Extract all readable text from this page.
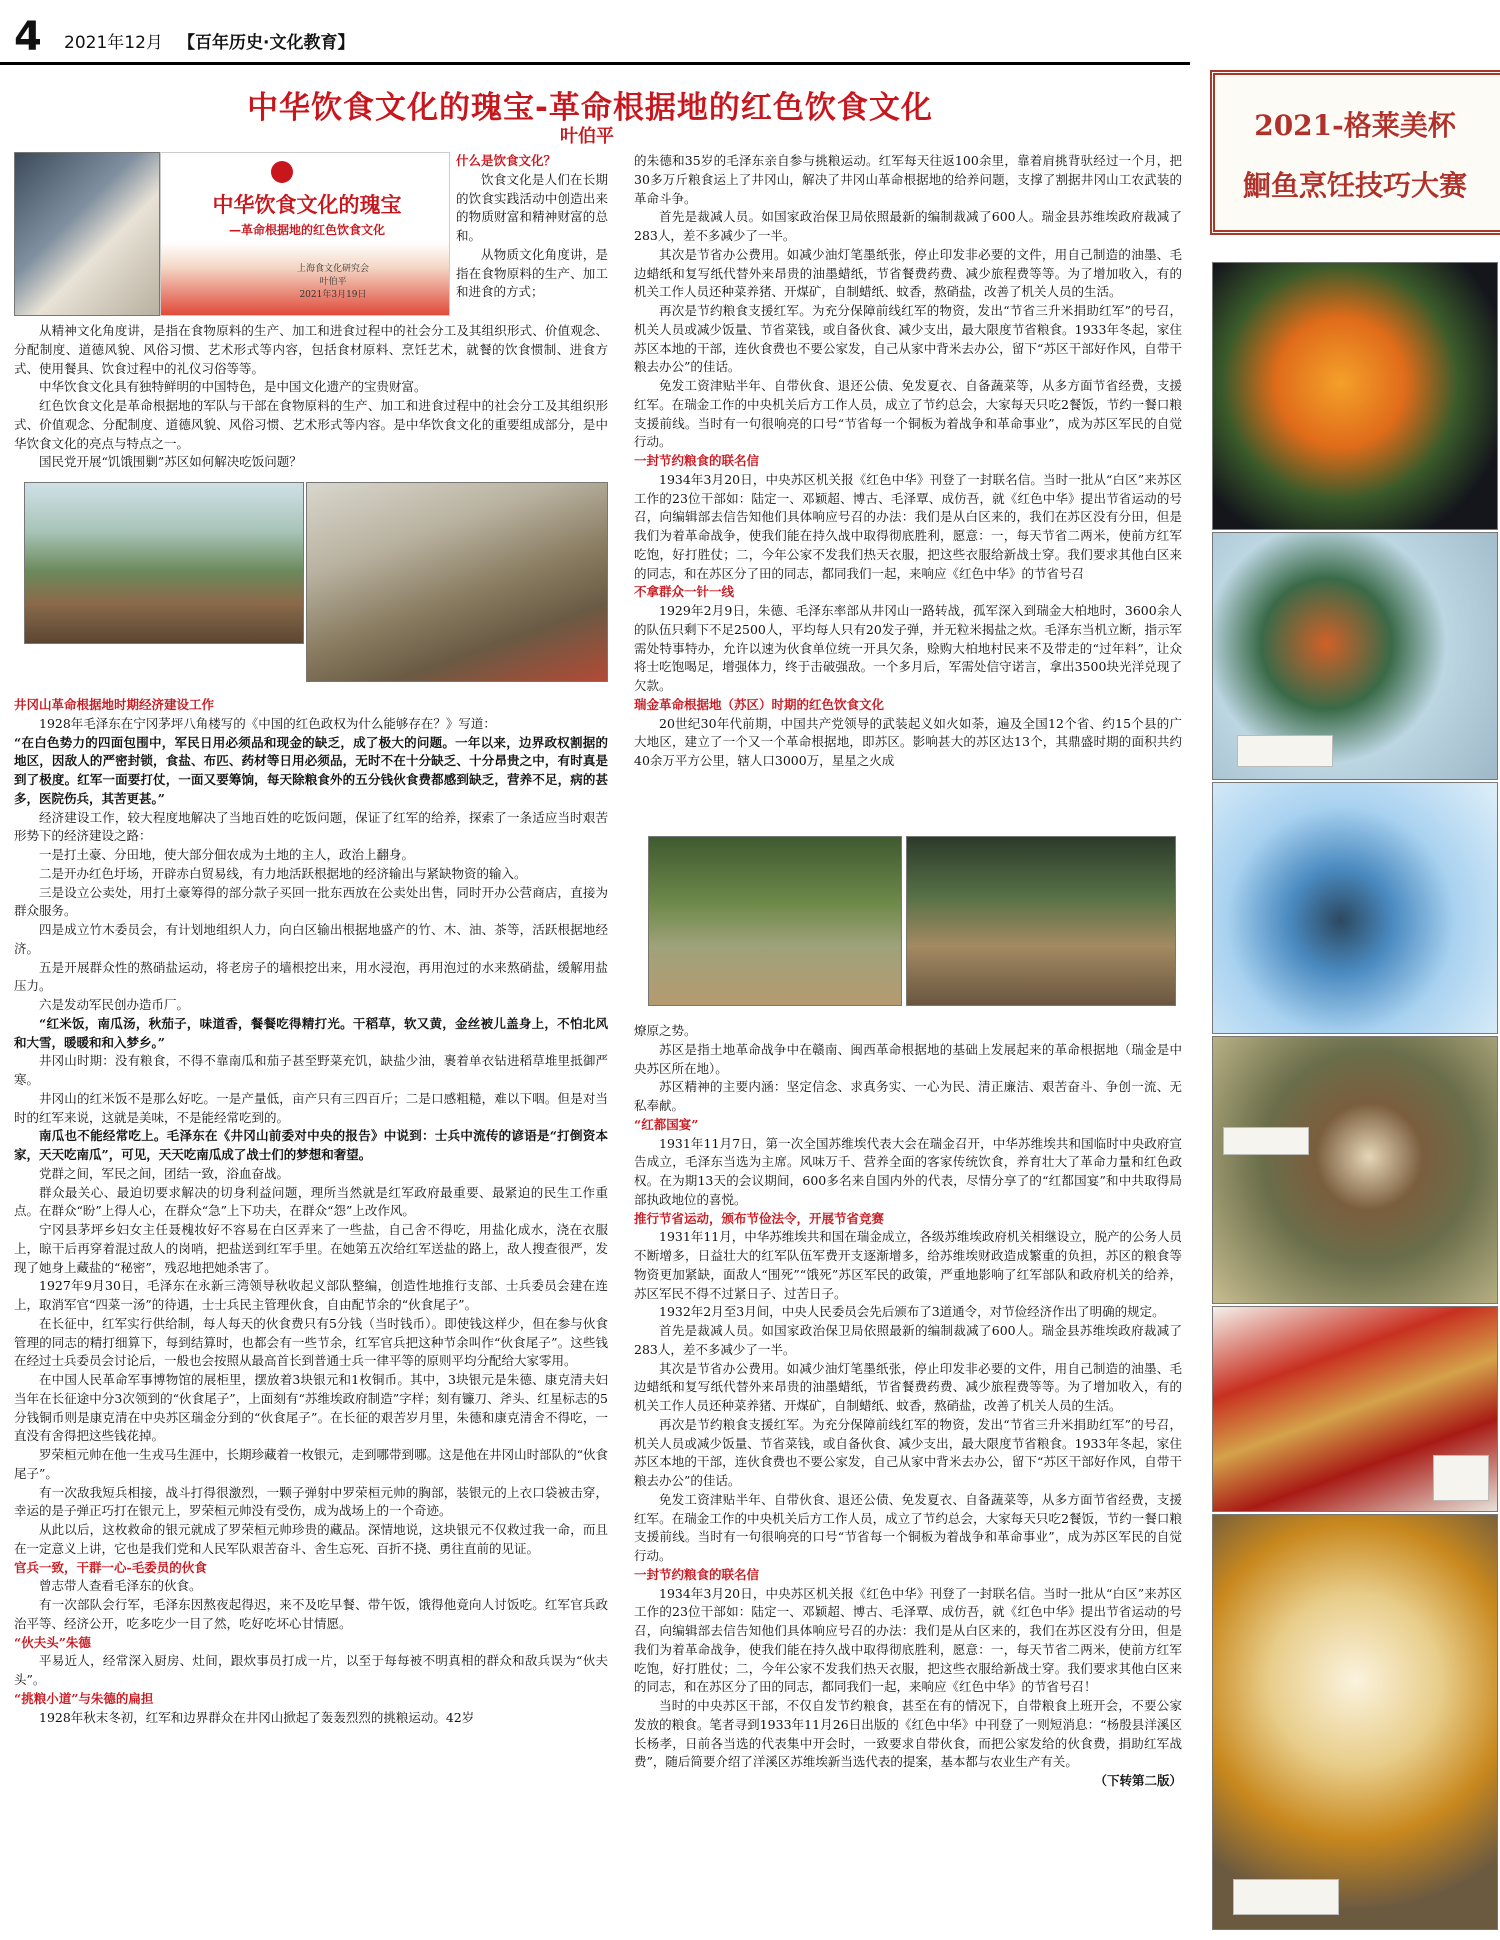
4 2021年12月 【百年历史·文化教育】
中华饮食文化的瑰宝-革命根据地的红色饮食文化
叶伯平
中华饮食文化的瑰宝
—革命根据地的红色饮食文化
上海食文化研究会
叶伯平
2021年3月19日

什么是饮食文化？

饮食文化是人们在长期的饮食实践活动中创造出来的物质财富和精神财富的总和。

从物质文化角度讲，是指在食物原料的生产、加工和进食的方式；

从精神文化角度讲，是指在食物原料的生产、加工和进食过程中的社会分工及其组织形式、价值观念、分配制度、道德风貌、风俗习惯、艺术形式等内容，包括食材原料、烹饪艺术，就餐的饮食惯制、进食方式、使用餐具、饮食过程中的礼仪习俗等等。

中华饮食文化具有独特鲜明的中国特色，是中国文化遗产的宝贵财富。

红色饮食文化是革命根据地的军队与干部在食物原料的生产、加工和进食过程中的社会分工及其组织形式、价值观念、分配制度、道德风貌、风俗习惯、艺术形式等内容。是中华饮食文化的重要组成部分，是中华饮食文化的亮点与特点之一。

国民党开展“饥饿围剿”苏区如何解决吃饭问题？

井冈山革命根据地时期经济建设工作

1928年毛泽东在宁冈茅坪八角楼写的《中国的红色政权为什么能够存在？》写道：

“在白色势力的四面包围中，军民日用必须品和现金的缺乏，成了极大的问题。一年以来，边界政权割据的地区，因敌人的严密封锁，食盐、布匹、药材等日用必须品，无时不在十分缺乏、十分昂贵之中，有时真是到了极度。红军一面要打仗，一面又要筹饷，每天除粮食外的五分钱伙食费都感到缺乏，营养不足，病的甚多，医院伤兵，其苦更甚。”

经济建设工作，较大程度地解决了当地百姓的吃饭问题，保证了红军的给养，探索了一条适应当时艰苦形势下的经济建设之路：

一是打土豪、分田地，使大部分佃农成为土地的主人，政治上翻身。

二是开办红色圩场，开辟赤白贸易线，有力地活跃根据地的经济输出与紧缺物资的输入。

三是设立公卖处，用打土豪筹得的部分款子买回一批东西放在公卖处出售，同时开办公营商店，直接为群众服务。

四是成立竹木委员会，有计划地组织人力，向白区输出根据地盛产的竹、木、油、茶等，活跃根据地经济。

五是开展群众性的熬硝盐运动，将老房子的墙根挖出来，用水浸泡，再用泡过的水来熬硝盐，缓解用盐压力。

六是发动军民创办造币厂。

“红米饭，南瓜汤，秋茄子，味道香，餐餐吃得精打光。干稻草，软又黄，金丝被儿盖身上，不怕北风和大雪，暖暖和和入梦乡。”

井冈山时期：没有粮食，不得不靠南瓜和茄子甚至野菜充饥，缺盐少油，裹着单衣钻进稻草堆里抵御严寒。

井冈山的红米饭不是那么好吃。一是产量低，亩产只有三四百斤；二是口感粗糙，难以下咽。但是对当时的红军来说，这就是美味，不是能经常吃到的。

南瓜也不能经常吃上。毛泽东在《井冈山前委对中央的报告》中说到：士兵中流传的谚语是“打倒资本家，天天吃南瓜”，可见，天天吃南瓜成了战士们的梦想和奢望。

党群之间，军民之间，团结一致，浴血奋战。

群众最关心、最迫切要求解决的切身利益问题，理所当然就是红军政府最重要、最紧迫的民生工作重点。在群众“盼”上得人心，在群众“急”上下功夫，在群众“怨”上改作风。

宁冈县茅坪乡妇女主任聂槐妆好不容易在白区弄来了一些盐，自己舍不得吃，用盐化成水，浇在衣服上，晾干后再穿着混过敌人的岗哨，把盐送到红军手里。在她第五次给红军送盐的路上，敌人搜查很严，发现了她身上藏盐的“秘密”，残忍地把她杀害了。

1927年9月30日，毛泽东在永新三湾领导秋收起义部队整编，创造性地推行支部、士兵委员会建在连上，取消军官“四菜一汤”的待遇，士士兵民主管理伙食，自由配节余的“伙食尾子”。

在长征中，红军实行供给制，每人每天的伙食费只有5分钱（当时钱币）。即使钱这样少，但在参与伙食管理的同志的精打细算下，每到结算时，也都会有一些节余，红军官兵把这种节余叫作“伙食尾子”。这些钱在经过士兵委员会讨论后，一般也会按照从最高首长到普通士兵一律平等的原则平均分配给大家零用。

在中国人民革命军事博物馆的展柜里，摆放着3块银元和1枚铜币。其中，3块银元是朱德、康克清夫妇当年在长征途中分3次领到的“伙食尾子”，上面刻有“苏维埃政府制造”字样；刻有镰刀、斧头、红星标志的5分钱铜币则是康克清在中央苏区瑞金分到的“伙食尾子”。在长征的艰苦岁月里，朱德和康克清舍不得吃，一直没有舍得把这些钱花掉。

罗荣桓元帅在他一生戎马生涯中，长期珍藏着一枚银元，走到哪带到哪。这是他在井冈山时部队的“伙食尾子”。

有一次敌我短兵相接，战斗打得很激烈，一颗子弹射中罗荣桓元帅的胸部，装银元的上衣口袋被击穿，幸运的是子弹正巧打在银元上，罗荣桓元帅没有受伤，成为战场上的一个奇迹。

从此以后，这枚救命的银元就成了罗荣桓元帅珍贵的藏品。深情地说，这块银元不仅救过我一命，而且在一定意义上讲，它也是我们党和人民军队艰苦奋斗、舍生忘死、百折不挠、勇往直前的见证。

官兵一致，干群一心-毛委员的伙食

曾志带人查看毛泽东的伙食。

有一次部队会行军，毛泽东因熬夜起得迟，来不及吃早餐、带午饭，饿得他竟向人讨饭吃。红军官兵政治平等、经济公开，吃多吃少一目了然，吃好吃坏心甘情愿。

“伙夫头”朱德

平易近人，经常深入厨房、灶间，跟炊事员打成一片，以至于每每被不明真相的群众和敌兵误为“伙夫头”。

“挑粮小道”与朱德的扁担

1928年秋末冬初，红军和边界群众在井冈山掀起了轰轰烈烈的挑粮运动。42岁

的朱德和35岁的毛泽东亲自参与挑粮运动。红军每天往返100余里，靠着肩挑背驮经过一个月，把30多万斤粮食运上了井冈山，解决了井冈山革命根据地的给养问题，支撑了割据井冈山工农武装的革命斗争。

首先是裁减人员。如国家政治保卫局依照最新的编制裁减了600人。瑞金县苏维埃政府裁减了283人，差不多减少了一半。

其次是节省办公费用。如减少油灯笔墨纸张，停止印发非必要的文件，用自己制造的油墨、毛边蜡纸和复写纸代替外来昂贵的油墨蜡纸，节省餐费药费、减少旅程费等等。为了增加收入，有的机关工作人员还种菜养猪、开煤矿，自制蜡纸、蚊香，熬硝盐，改善了机关人员的生活。

再次是节约粮食支援红军。为充分保障前线红军的物资，发出“节省三升米捐助红军”的号召，机关人员或减少饭量、节省菜钱，或自备伙食、减少支出，最大限度节省粮食。1933年冬起，家住苏区本地的干部，连伙食费也不要公家发，自己从家中背米去办公，留下“苏区干部好作风，自带干粮去办公”的佳话。

免发工资津贴半年、自带伙食、退还公债、免发夏衣、自备蔬菜等，从多方面节省经费，支援红军。在瑞金工作的中央机关后方工作人员，成立了节约总会，大家每天只吃2餐饭，节约一餐口粮支援前线。当时有一句很响亮的口号“节省每一个铜板为着战争和革命事业”，成为苏区军民的自觉行动。

一封节约粮食的联名信

1934年3月20日，中央苏区机关报《红色中华》刊登了一封联名信。当时一批从“白区”来苏区工作的23位干部如：陆定一、邓颖超、博古、毛泽覃、成仿吾，就《红色中华》提出节省运动的号召，向编辑部去信告知他们具体响应号召的办法：我们是从白区来的，我们在苏区没有分田，但是我们为着革命战争，使我们能在持久战中取得彻底胜利，愿意：一，每天节省二两米，使前方红军吃饱，好打胜仗；二，今年公家不发我们热天衣服，把这些衣服给新战士穿。我们要求其他白区来的同志，和在苏区分了田的同志，都同我们一起，来响应《红色中华》的节省号召

不拿群众一针一线

1929年2月9日，朱德、毛泽东率部从井冈山一路转战，孤军深入到瑞金大柏地时，3600余人的队伍只剩下不足2500人，平均每人只有20发子弹，并无粒米揭盐之炊。毛泽东当机立断，指示军需处特事特办，允许以速为伙食单位统一开具欠条，赊购大柏地村民来不及带走的“过年料”，让众将士吃饱喝足，增强体力，终于击破强敌。一个多月后，军需处信守诺言，拿出3500块光洋兑现了欠款。

瑞金革命根据地（苏区）时期的红色饮食文化

20世纪30年代前期，中国共产党领导的武装起义如火如荼，遍及全国12个省、约15个县的广大地区，建立了一个又一个革命根据地，即苏区。影响甚大的苏区达13个，其鼎盛时期的面积共约40余万平方公里，辖人口3000万，星星之火成

燎原之势。

苏区是指土地革命战争中在赣南、闽西革命根据地的基础上发展起来的革命根据地（瑞金是中央苏区所在地）。

苏区精神的主要内涵：坚定信念、求真务实、一心为民、清正廉洁、艰苦奋斗、争创一流、无私奉献。

“红都国宴”

1931年11月7日，第一次全国苏维埃代表大会在瑞金召开，中华苏维埃共和国临时中央政府宣告成立，毛泽东当选为主席。风味万千、营养全面的客家传统饮食，养育壮大了革命力量和红色政权。在为期13天的会议期间，600多名来自国内外的代表，尽情分享了的“红都国宴”和中共取得局部执政地位的喜悦。

推行节省运动，颁布节俭法令，开展节省竞赛

1931年11月，中华苏维埃共和国在瑞金成立，各级苏维埃政府机关相继设立，脱产的公务人员不断增多，日益壮大的红军队伍军费开支逐渐增多，给苏维埃财政造成繁重的负担，苏区的粮食等物资更加紧缺，面敌人“围死”“饿死”苏区军民的政策，严重地影响了红军部队和政府机关的给养，苏区军民不得不过紧日子、过苦日子。

1932年2月至3月间，中央人民委员会先后颁布了3道通令，对节俭经济作出了明确的规定。

首先是裁减人员。如国家政治保卫局依照最新的编制裁减了600人。瑞金县苏维埃政府裁减了283人，差不多减少了一半。

其次是节省办公费用。如减少油灯笔墨纸张，停止印发非必要的文件，用自己制造的油墨、毛边蜡纸和复写纸代替外来昂贵的油墨蜡纸，节省餐费药费、减少旅程费等等。为了增加收入，有的机关工作人员还种菜养猪、开煤矿，自制蜡纸、蚊香，熬硝盐，改善了机关人员的生活。

再次是节约粮食支援红军。为充分保障前线红军的物资，发出“节省三升米捐助红军”的号召，机关人员或减少饭量、节省菜钱，或自备伙食、减少支出，最大限度节省粮食。1933年冬起，家住苏区本地的干部，连伙食费也不要公家发，自己从家中背米去办公，留下“苏区干部好作风，自带干粮去办公”的佳话。

免发工资津贴半年、自带伙食、退还公债、免发夏衣、自备蔬菜等，从多方面节省经费，支援红军。在瑞金工作的中央机关后方工作人员，成立了节约总会，大家每天只吃2餐饭，节约一餐口粮支援前线。当时有一句很响亮的口号“节省每一个铜板为着战争和革命事业”，成为苏区军民的自觉行动。

一封节约粮食的联名信

1934年3月20日，中央苏区机关报《红色中华》刊登了一封联名信。当时一批从“白区”来苏区工作的23位干部如：陆定一、邓颖超、博古、毛泽覃、成仿吾，就《红色中华》提出节省运动的号召，向编辑部去信告知他们具体响应号召的办法：我们是从白区来的，我们在苏区没有分田，但是我们为着革命战争，使我们能在持久战中取得彻底胜利，愿意：一，每天节省二两米，使前方红军吃饱，好打胜仗；二，今年公家不发我们热天衣服，把这些衣服给新战士穿。我们要求其他白区来的同志，和在苏区分了田的同志，都同我们一起，来响应《红色中华》的节省号召！

当时的中央苏区干部，不仅自发节约粮食，甚至在有的情况下，自带粮食上班开会，不要公家发放的粮食。笔者寻到1933年11月26日出版的《红色中华》中刊登了一则短消息：“杨殷县洋溪区长杨孝，日前各当选的代表集中开会时，一致要求自带伙食，而把公家发给的伙食费，捐助红军战费”，随后简要介绍了洋溪区苏维埃新当选代表的提案，基本都与农业生产有关。

（下转第二版）

2021-格莱美杯
鮰鱼烹饪技巧大赛
